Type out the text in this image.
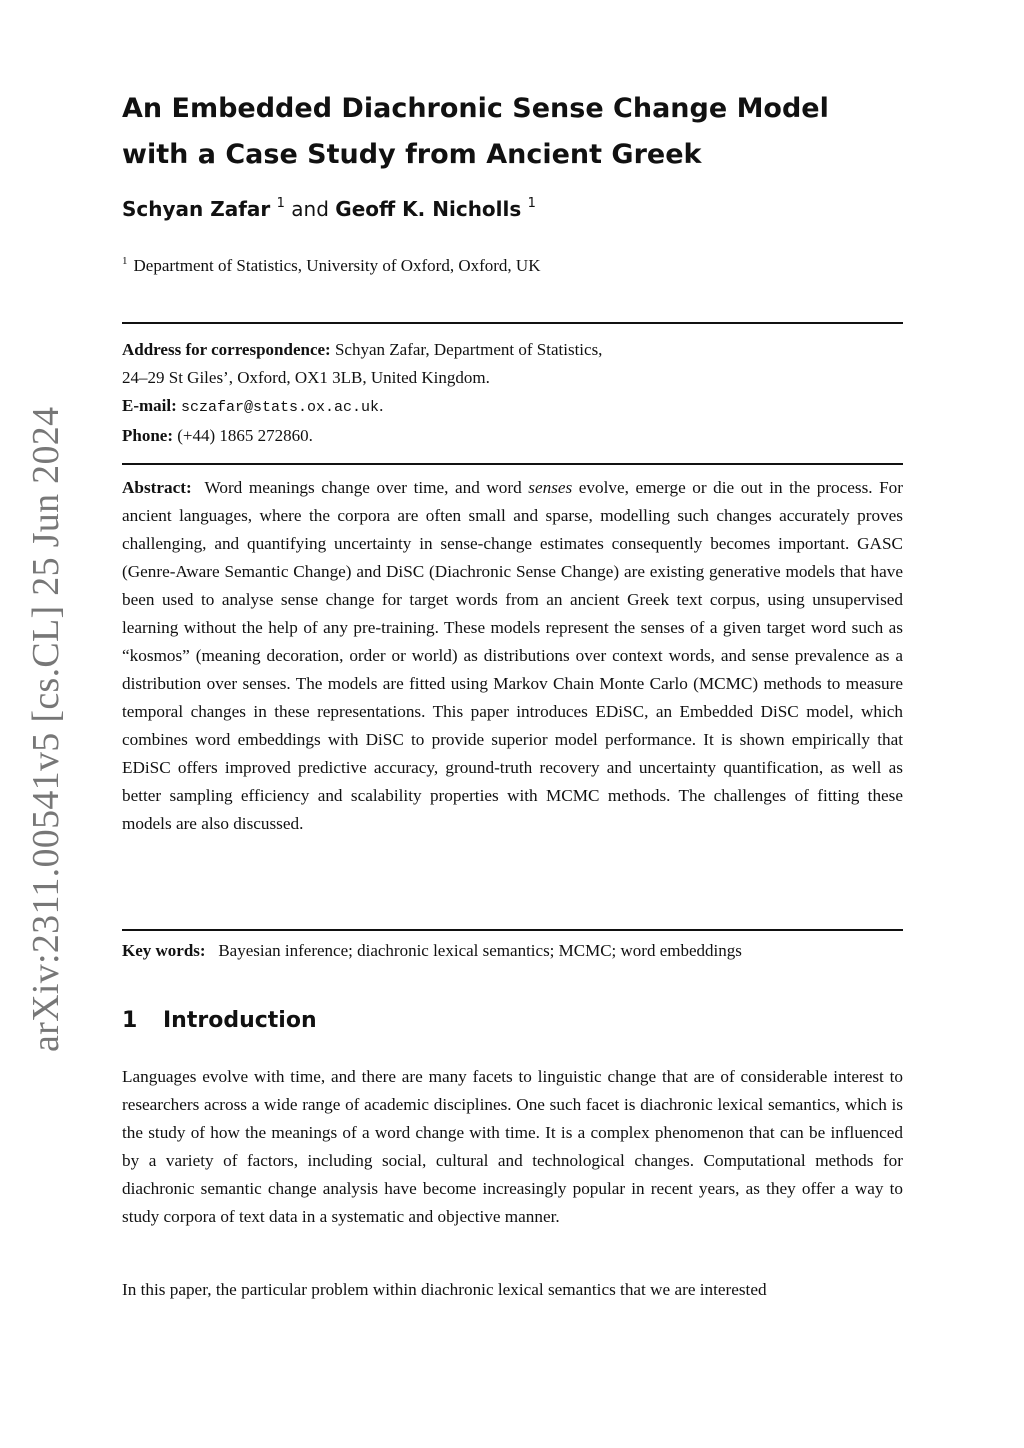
arXiv:2311.00541v5 [cs.CL] 25 Jun 2024
An Embedded Diachronic Sense Change Model with a Case Study from Ancient Greek

Schyan Zafar $^1$ and Geoff K. Nicholls $^1$

$^1$ Department of Statistics, University of Oxford, Oxford, UK

Address for correspondence: Schyan Zafar, Department of Statistics,
24–29 St Giles’, Oxford, OX1 3LB, United Kingdom.
E-mail: sczafar@stats.ox.ac.uk.
Phone: (+44) 1865 272860.

Abstract: Word meanings change over time, and word senses evolve, emerge or die out in the process. For ancient languages, where the corpora are often small and sparse, modelling such changes accurately proves challenging, and quantifying uncertainty in sense-change estimates consequently becomes important. GASC (Genre-Aware Semantic Change) and DiSC (Diachronic Sense Change) are existing generative models that have been used to analyse sense change for target words from an ancient Greek text corpus, using unsupervised learning without the help of any pre-training. These models represent the senses of a given target word such as “kosmos” (meaning decoration, order or world) as distributions over context words, and sense prevalence as a distribution over senses. The models are fitted using Markov Chain Monte Carlo (MCMC) methods to measure temporal changes in these representations. This paper introduces EDiSC, an Embedded DiSC model, which combines word embeddings with DiSC to provide superior model performance. It is shown empirically that EDiSC offers improved predictive accuracy, ground-truth recovery and uncertainty quantification, as well as better sampling efficiency and scalability properties with MCMC methods. The challenges of fitting these models are also discussed.

Key words: Bayesian inference; diachronic lexical semantics; MCMC; word embeddings
1 Introduction

Languages evolve with time, and there are many facets to linguistic change that are of considerable interest to researchers across a wide range of academic disciplines. One such facet is diachronic lexical semantics, which is the study of how the meanings of a word change with time. It is a complex phenomenon that can be influenced by a variety of factors, including social, cultural and technological changes. Computational methods for diachronic semantic change analysis have become increasingly popular in recent years, as they offer a way to study corpora of text data in a systematic and objective manner.

In this paper, the particular problem within diachronic lexical semantics that we are interested
